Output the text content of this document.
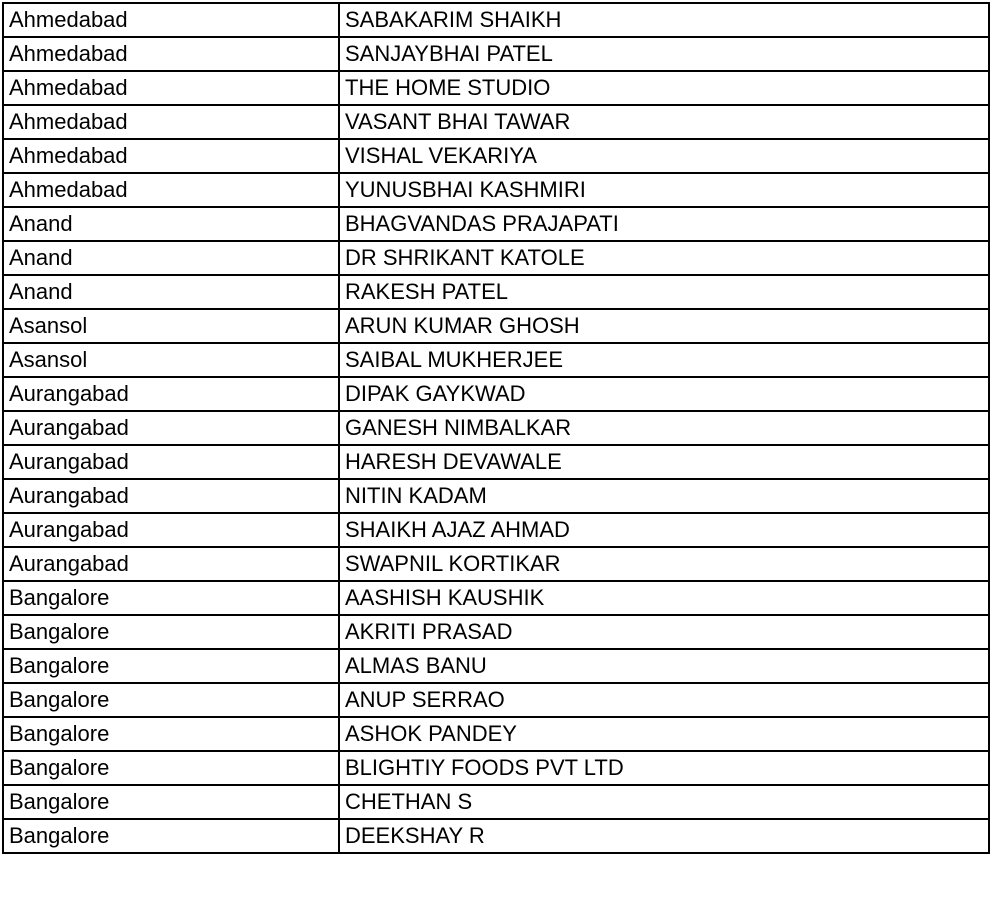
Ahmedabad	SABAKARIM SHAIKH
Ahmedabad	SANJAYBHAI PATEL
Ahmedabad	THE HOME STUDIO
Ahmedabad	VASANT BHAI TAWAR
Ahmedabad	VISHAL VEKARIYA
Ahmedabad	YUNUSBHAI KASHMIRI
Anand	BHAGVANDAS PRAJAPATI
Anand	DR SHRIKANT KATOLE
Anand	RAKESH PATEL
Asansol	ARUN KUMAR GHOSH
Asansol	SAIBAL MUKHERJEE
Aurangabad	DIPAK GAYKWAD
Aurangabad	GANESH NIMBALKAR
Aurangabad	HARESH DEVAWALE
Aurangabad	NITIN KADAM
Aurangabad	SHAIKH AJAZ AHMAD
Aurangabad	SWAPNIL KORTIKAR
Bangalore	AASHISH KAUSHIK
Bangalore	AKRITI PRASAD
Bangalore	ALMAS BANU
Bangalore	ANUP SERRAO
Bangalore	ASHOK PANDEY
Bangalore	BLIGHTIY FOODS PVT LTD
Bangalore	CHETHAN S
Bangalore	DEEKSHAY R
